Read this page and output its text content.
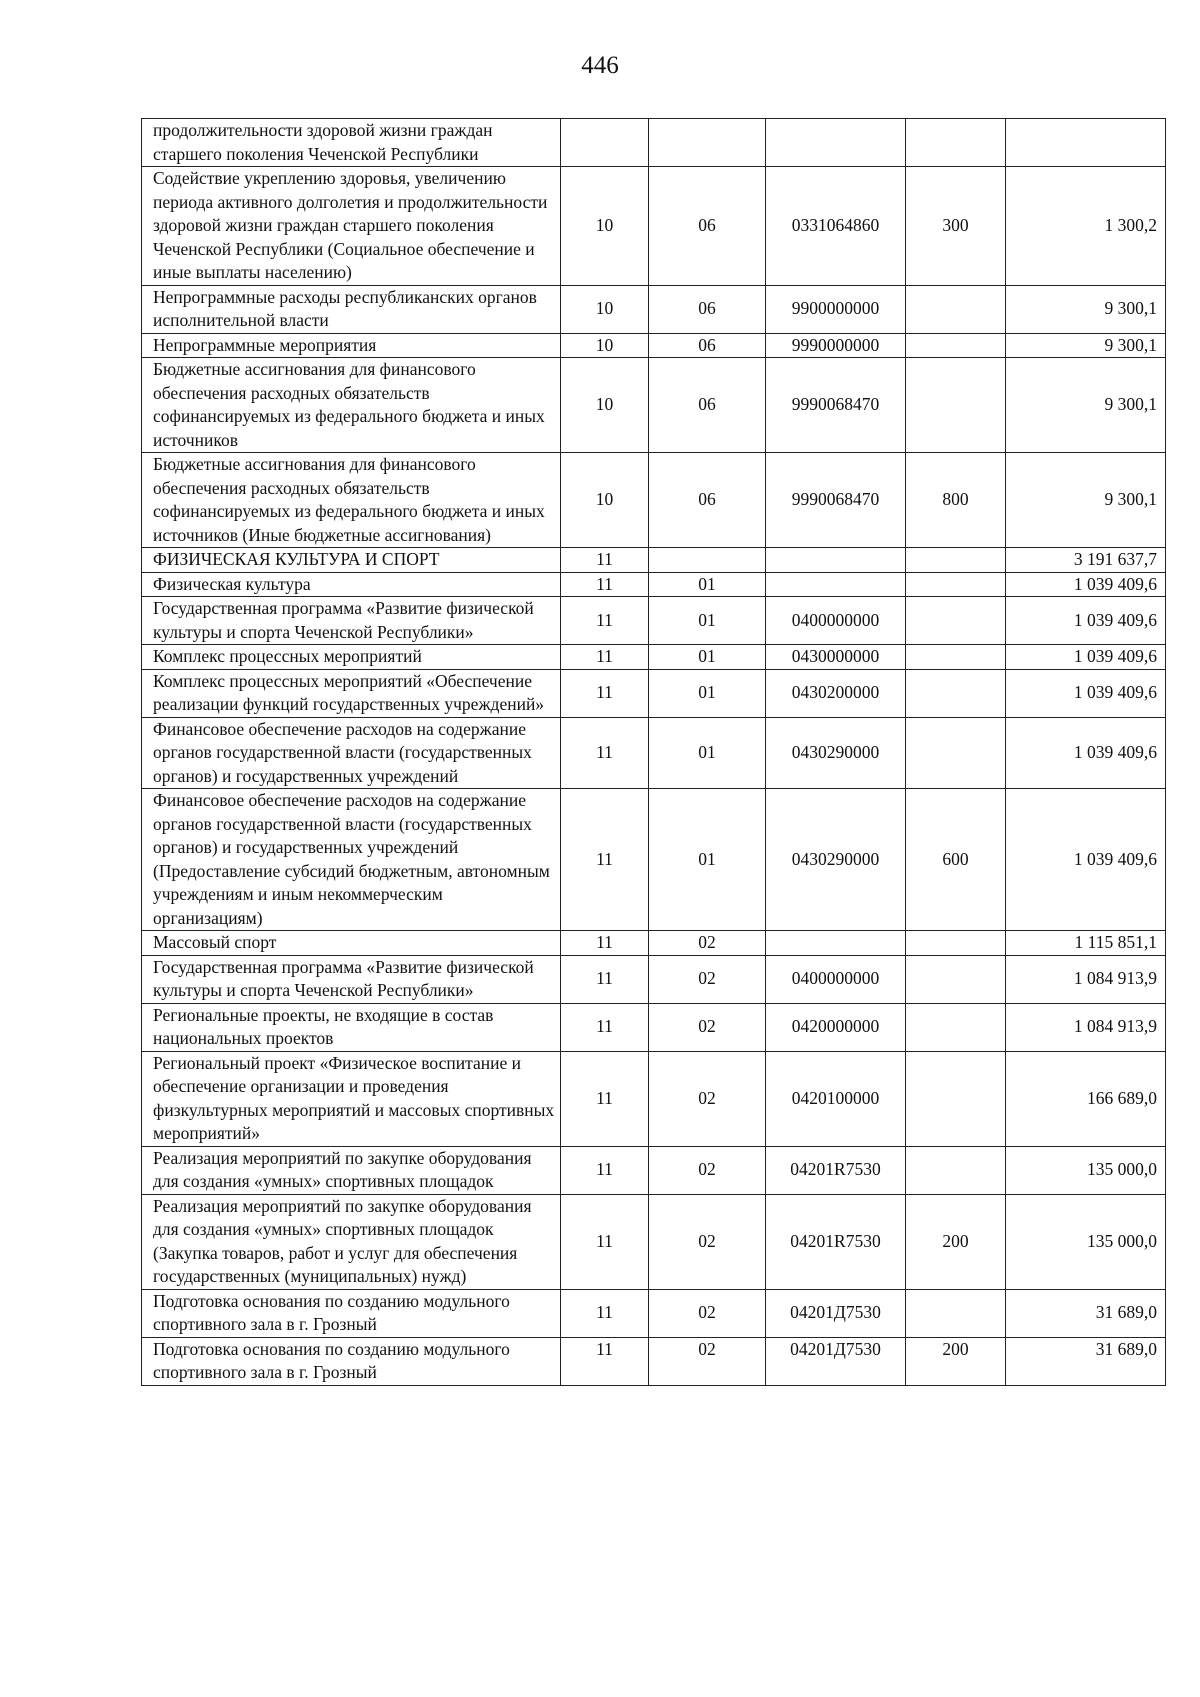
446
продолжительности здоровой жизни граждан старшего поколения Чеченской Республики					
Содействие укреплению здоровья, увеличению периода активного долголетия и продолжительности здоровой жизни граждан старшего поколения Чеченской Республики (Социальное обеспечение и иные выплаты населению)	10	06	0331064860	300	1 300,2
Непрограммные расходы республиканских органов исполнительной власти	10	06	9900000000		9 300,1
Непрограммные мероприятия	10	06	9990000000		9 300,1
Бюджетные ассигнования для финансового обеспечения расходных обязательств софинансируемых из федерального бюджета и иных источников	10	06	9990068470		9 300,1
Бюджетные ассигнования для финансового обеспечения расходных обязательств софинансируемых из федерального бюджета и иных источников (Иные бюджетные ассигнования)	10	06	9990068470	800	9 300,1
ФИЗИЧЕСКАЯ КУЛЬТУРА И СПОРТ	11				3 191 637,7
Физическая культура	11	01			1 039 409,6
Государственная программа «Развитие физической культуры и спорта Чеченской Республики»	11	01	0400000000		1 039 409,6
Комплекс процессных мероприятий	11	01	0430000000		1 039 409,6
Комплекс процессных мероприятий «Обеспечение реализации функций государственных учреждений»	11	01	0430200000		1 039 409,6
Финансовое обеспечение расходов на содержание органов государственной власти (государственных органов) и государственных учреждений	11	01	0430290000		1 039 409,6
Финансовое обеспечение расходов на содержание органов государственной власти (государственных органов) и государственных учреждений (Предоставление субсидий бюджетным, автономным учреждениям и иным некоммерческим организациям)	11	01	0430290000	600	1 039 409,6
Массовый спорт	11	02			1 115 851,1
Государственная программа «Развитие физической культуры и спорта Чеченской Республики»	11	02	0400000000		1 084 913,9
Региональные проекты, не входящие в состав национальных проектов	11	02	0420000000		1 084 913,9
Региональный проект «Физическое воспитание и обеспечение организации и проведения физкультурных мероприятий и массовых спортивных мероприятий»	11	02	0420100000		166 689,0
Реализация мероприятий по закупке оборудования для создания «умных» спортивных площадок	11	02	04201R7530		135 000,0
Реализация мероприятий по закупке оборудования для создания «умных» спортивных площадок (Закупка товаров, работ и услуг для обеспечения государственных (муниципальных) нужд)	11	02	04201R7530	200	135 000,0
Подготовка основания по созданию модульного спортивного зала в г. Грозный	11	02	04201Д7530		31 689,0
Подготовка основания по созданию модульного спортивного зала в г. Грозный	11	02	04201Д7530	200	31 689,0
